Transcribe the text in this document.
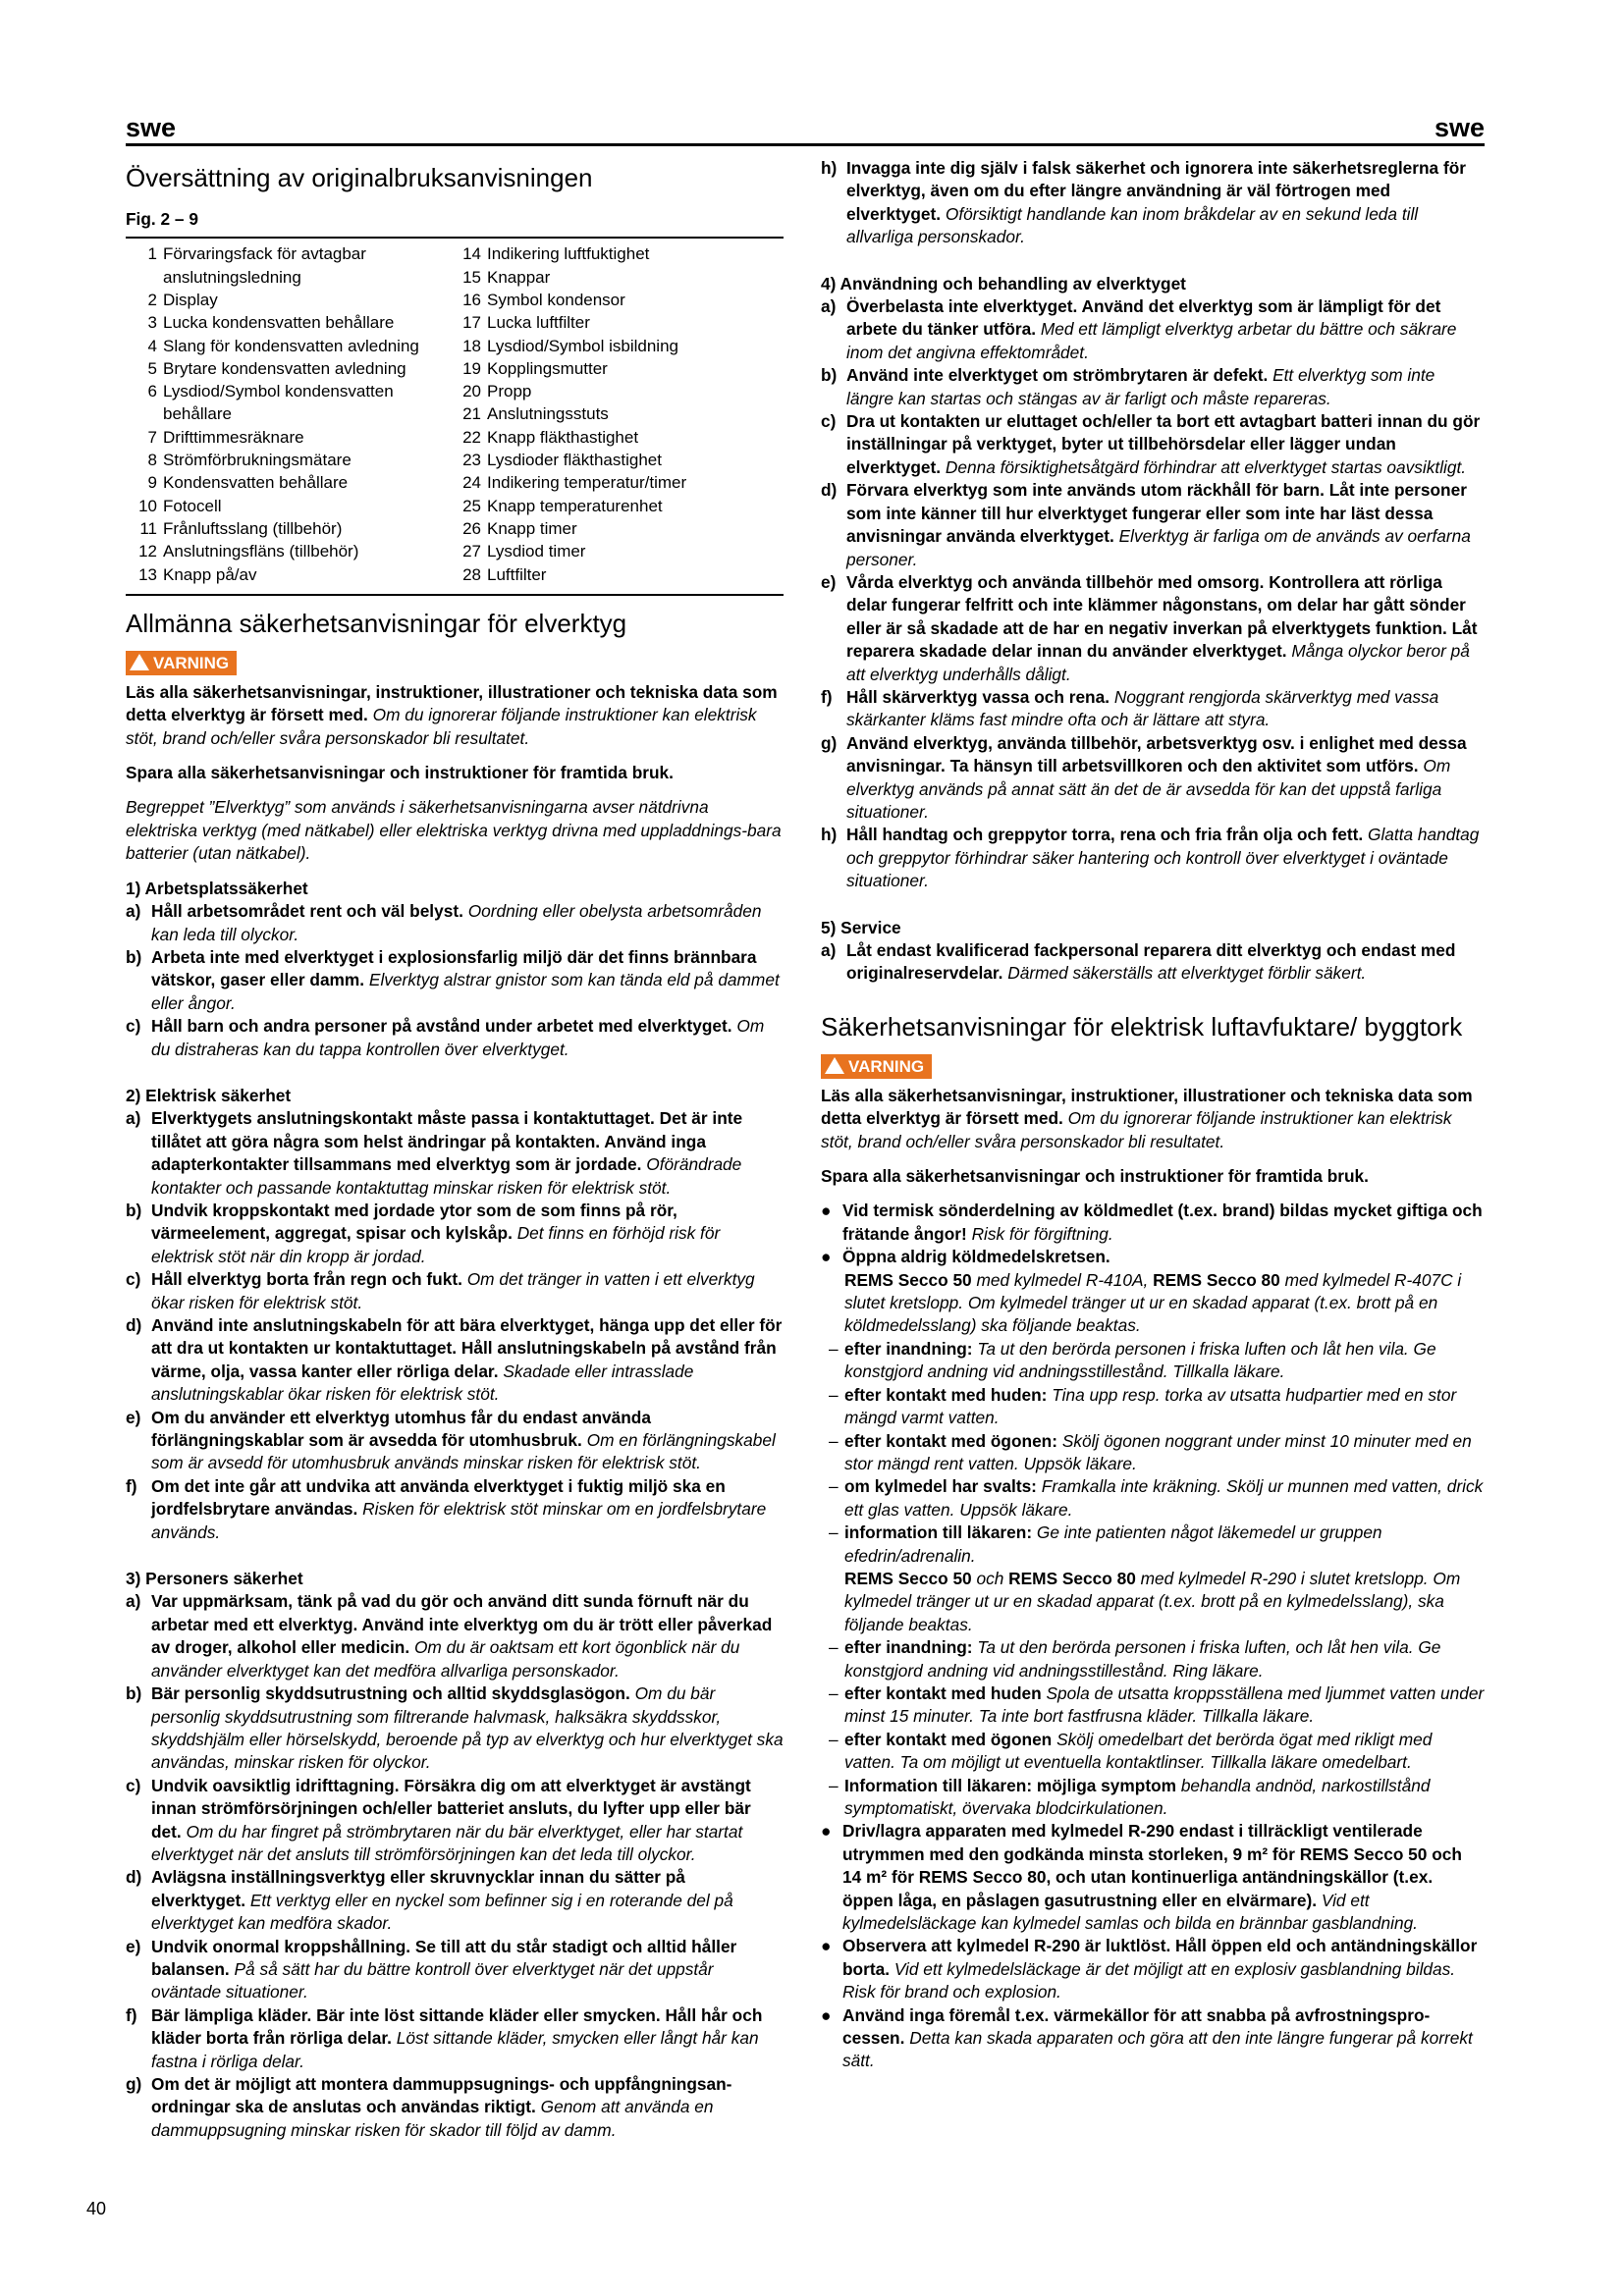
swe	swe
Översättning av originalbruksanvisningen
Fig. 2 – 9
1 Förvaringsfack för avtagbar anslutningsledning
2 Display
3 Lucka kondensvatten behållare
4 Slang för kondensvatten avledning
5 Brytare kondensvatten avledning
6 Lysdiod/Symbol kondensvatten behållare
7 Drifttimmesräknare
8 Strömförbrukningsmätare
9 Kondensvatten behållare
10 Fotocell
11 Frånluftsslang (tillbehör)
12 Anslutningsfläns (tillbehör)
13 Knapp på/av
14 Indikering luftfuktighet
15 Knappar
16 Symbol kondensor
17 Lucka luftfilter
18 Lysdiod/Symbol isbildning
19 Kopplingsmutter
20 Propp
21 Anslutningsstuts
22 Knapp fläkthastighet
23 Lysdioder fläkthastighet
24 Indikering temperatur/timer
25 Knapp temperaturenhet
26 Knapp timer
27 Lysdiod timer
28 Luftfilter
Allmänna säkerhetsanvisningar för elverktyg
VARNING

Läs alla säkerhetsanvisningar, instruktioner, illustrationer och tekniska data som detta elverktyg är försett med. Om du ignorerar följande instruktioner kan elektrisk stöt, brand och/eller svåra personskador bli resultatet.

Spara alla säkerhetsanvisningar och instruktioner för framtida bruk.

Begreppet ”Elverktyg” som används i säkerhetsanvisningarna avser nätdrivna elektriska verktyg (med nätkabel) eller elektriska verktyg drivna med uppladdnings-bara batterier (utan nätkabel).

1) Arbetsplatssäkerhet
a) Håll arbetsområdet rent och väl belyst. Oordning eller obelysta arbetsområden kan leda till olyckor.
b) Arbeta inte med elverktyget i explosionsfarlig miljö där det finns brännbara vätskor, gaser eller damm. Elverktyg alstrar gnistor som kan tända eld på dammet eller ångor.
c) Håll barn och andra personer på avstånd under arbetet med elverktyget. Om du distraheras kan du tappa kontrollen över elverktyget.
2) Elektrisk säkerhet
a) Elverktygets anslutningskontakt måste passa i kontaktuttaget. Det är inte tillåtet att göra några som helst ändringar på kontakten. Använd inga adapterkontakter tillsammans med elverktyg som är jordade. Oförändrade kontakter och passande kontaktuttag minskar risken för elektrisk stöt.
b) Undvik kroppskontakt med jordade ytor som de som finns på rör, värmeelement, aggregat, spisar och kylskåp. Det finns en förhöjd risk för elektrisk stöt när din kropp är jordad.
c) Håll elverktyg borta från regn och fukt. Om det tränger in vatten i ett elverktyg ökar risken för elektrisk stöt.
d) Använd inte anslutningskabeln för att bära elverktyget, hänga upp det eller för att dra ut kontakten ur kontaktuttaget. Håll anslutningskabeln på avstånd från värme, olja, vassa kanter eller rörliga delar. Skadade eller intrasslade anslutningskablar ökar risken för elektrisk stöt.
e) Om du använder ett elverktyg utomhus får du endast använda förlängningskablar som är avsedda för utomhusbruk. Om en förlängningskabel som är avsedd för utomhusbruk används minskar risken för elektrisk stöt.
f) Om det inte går att undvika att använda elverktyget i fuktig miljö ska en jordfelsbrytare användas. Risken för elektrisk stöt minskar om en jordfelsbrytare används.
3) Personers säkerhet
a) Var uppmärksam, tänk på vad du gör och använd ditt sunda förnuft när du arbetar med ett elverktyg. Använd inte elverktyg om du är trött eller påverkad av droger, alkohol eller medicin. Om du är oaktsam ett kort ögonblick när du använder elverktyget kan det medföra allvarliga personskador.
b) Bär personlig skyddsutrustning och alltid skyddsglasögon. Om du bär personlig skyddsutrustning som filtrerande halvmask, halksäkra skyddsskor, skyddshjälm eller hörselskydd, beroende på typ av elverktyg och hur elverktyget ska användas, minskar risken för olyckor.
c) Undvik oavsiktlig idrifttagning. Försäkra dig om att elverktyget är avstängt innan strömförsörjningen och/eller batteriet ansluts, du lyfter upp eller bär det. Om du har fingret på strömbrytaren när du bär elverktyget, eller har startat elverktyget när det ansluts till strömförsörjningen kan det leda till olyckor.
d) Avlägsna inställningsverktyg eller skruvnycklar innan du sätter på elverktyget. Ett verktyg eller en nyckel som befinner sig i en roterande del på elverktyget kan medföra skador.
e) Undvik onormal kroppshållning. Se till att du står stadigt och alltid håller balansen. På så sätt har du bättre kontroll över elverktyget när det uppstår oväntade situationer.
f) Bär lämpliga kläder. Bär inte löst sittande kläder eller smycken. Håll hår och kläder borta från rörliga delar. Löst sittande kläder, smycken eller långt hår kan fastna i rörliga delar.
g) Om det är möjligt att montera dammuppsugnings- och uppfångningsan-ordningar ska de anslutas och användas riktigt. Genom att använda en dammuppsugning minskar risken för skador till följd av damm.
h) Invagga inte dig själv i falsk säkerhet och ignorera inte säkerhetsreglerna för elverktyg, även om du efter längre användning är väl förtrogen med elverktyget. Oförsiktigt handlande kan inom bråkdelar av en sekund leda till allvarliga personskador.
4) Användning och behandling av elverktyget
a) Överbelasta inte elverktyget. Använd det elverktyg som är lämpligt för det arbete du tänker utföra. Med ett lämpligt elverktyg arbetar du bättre och säkrare inom det angivna effektområdet.
b) Använd inte elverktyget om strömbrytaren är defekt. Ett elverktyg som inte längre kan startas och stängas av är farligt och måste repareras.
c) Dra ut kontakten ur eluttaget och/eller ta bort ett avtagbart batteri innan du gör inställningar på verktyget, byter ut tillbehörsdelar eller lägger undan elverktyget. Denna försiktighetsåtgärd förhindrar att elverktyget startas oavsiktligt.
d) Förvara elverktyg som inte används utom räckhåll för barn. Låt inte personer som inte känner till hur elverktyget fungerar eller som inte har läst dessa anvisningar använda elverktyget. Elverktyg är farliga om de används av oerfarna personer.
e) Vårda elverktyg och använda tillbehör med omsorg. Kontrollera att rörliga delar fungerar felfritt och inte klämmer någonstans, om delar har gått sönder eller är så skadade att de har en negativ inverkan på elverktygets funktion. Låt reparera skadade delar innan du använder elverktyget. Många olyckor beror på att elverktyg underhålls dåligt.
f) Håll skärverktyg vassa och rena. Noggrant rengjorda skärverktyg med vassa skärkanter kläms fast mindre ofta och är lättare att styra.
g) Använd elverktyg, använda tillbehör, arbetsverktyg osv. i enlighet med dessa anvisningar. Ta hänsyn till arbetsvillkoren och den aktivitet som utförs. Om elverktyg används på annat sätt än det de är avsedda för kan det uppstå farliga situationer.
h) Håll handtag och greppytor torra, rena och fria från olja och fett. Glatta handtag och greppytor förhindrar säker hantering och kontroll över elverktyget i oväntade situationer.
5) Service
a) Låt endast kvalificerad fackpersonal reparera ditt elverktyg och endast med originalreservdelar. Därmed säkerställs att elverktyget förblir säkert.
Säkerhetsanvisningar för elektrisk luftavfuktare/ byggtork
VARNING

Läs alla säkerhetsanvisningar, instruktioner, illustrationer och tekniska data som detta elverktyg är försett med. Om du ignorerar följande instruktioner kan elektrisk stöt, brand och/eller svåra personskador bli resultatet.

Spara alla säkerhetsanvisningar och instruktioner för framtida bruk.

● Vid termisk sönderdelning av köldmedlet (t.ex. brand) bildas mycket giftiga och frätande ångor! Risk för förgiftning.
● Öppna aldrig köldmedelskretsen.
REMS Secco 50 med kylmedel R-410A, REMS Secco 80 med kylmedel R-407C i slutet kretslopp. Om kylmedel tränger ut ur en skadad apparat (t.ex. brott på en köldmedelsslang) ska följande beaktas.
– efter inandning: Ta ut den berörda personen i friska luften och låt hen vila. Ge konstgjord andning vid andningsstillestånd. Tillkalla läkare.
– efter kontakt med huden: Tina upp resp. torka av utsatta hudpartier med en stor mängd varmt vatten.
– efter kontakt med ögonen: Skölj ögonen noggrant under minst 10 minuter med en stor mängd rent vatten. Uppsök läkare.
– om kylmedel har svalts: Framkalla inte kräkning. Skölj ur munnen med vatten, drick ett glas vatten. Uppsök läkare.
– information till läkaren: Ge inte patienten något läkemedel ur gruppen efedrin/adrenalin.
REMS Secco 50 och REMS Secco 80 med kylmedel R-290 i slutet kretslopp. Om kylmedel tränger ut ur en skadad apparat (t.ex. brott på en kylmedelsslang), ska följande beaktas.
– efter inandning: Ta ut den berörda personen i friska luften, och låt hen vila. Ge konstgjord andning vid andningsstillestånd. Ring läkare.
– efter kontakt med huden Spola de utsatta kroppsställena med ljummet vatten under minst 15 minuter. Ta inte bort fastfrusna kläder. Tillkalla läkare.
– efter kontakt med ögonen Skölj omedelbart det berörda ögat med rikligt med vatten. Ta om möjligt ut eventuella kontaktlinser. Tillkalla läkare omedelbart.
– Information till läkaren: möjliga symptom behandla andnöd, narkostillstånd symptomatiskt, övervaka blodcirkulationen.
● Driv/lagra apparaten med kylmedel R-290 endast i tillräckligt ventilerade utrymmen med den godkända minsta storleken, 9 m² för REMS Secco 50 och 14 m² för REMS Secco 80, och utan kontinuerliga antändningskällor (t.ex. öppen låga, en påslagen gasutrustning eller en elvärmare). Vid ett kylmedelsläckage kan kylmedel samlas och bilda en brännbar gasblandning.
● Observera att kylmedel R-290 är luktlöst. Håll öppen eld och antändningskällor borta. Vid ett kylmedelsläckage är det möjligt att en explosiv gasblandning bildas. Risk för brand och explosion.
● Använd inga föremål t.ex. värmekällor för att snabba på avfrostningspro-cessen. Detta kan skada apparaten och göra att den inte längre fungerar på korrekt sätt.
40
